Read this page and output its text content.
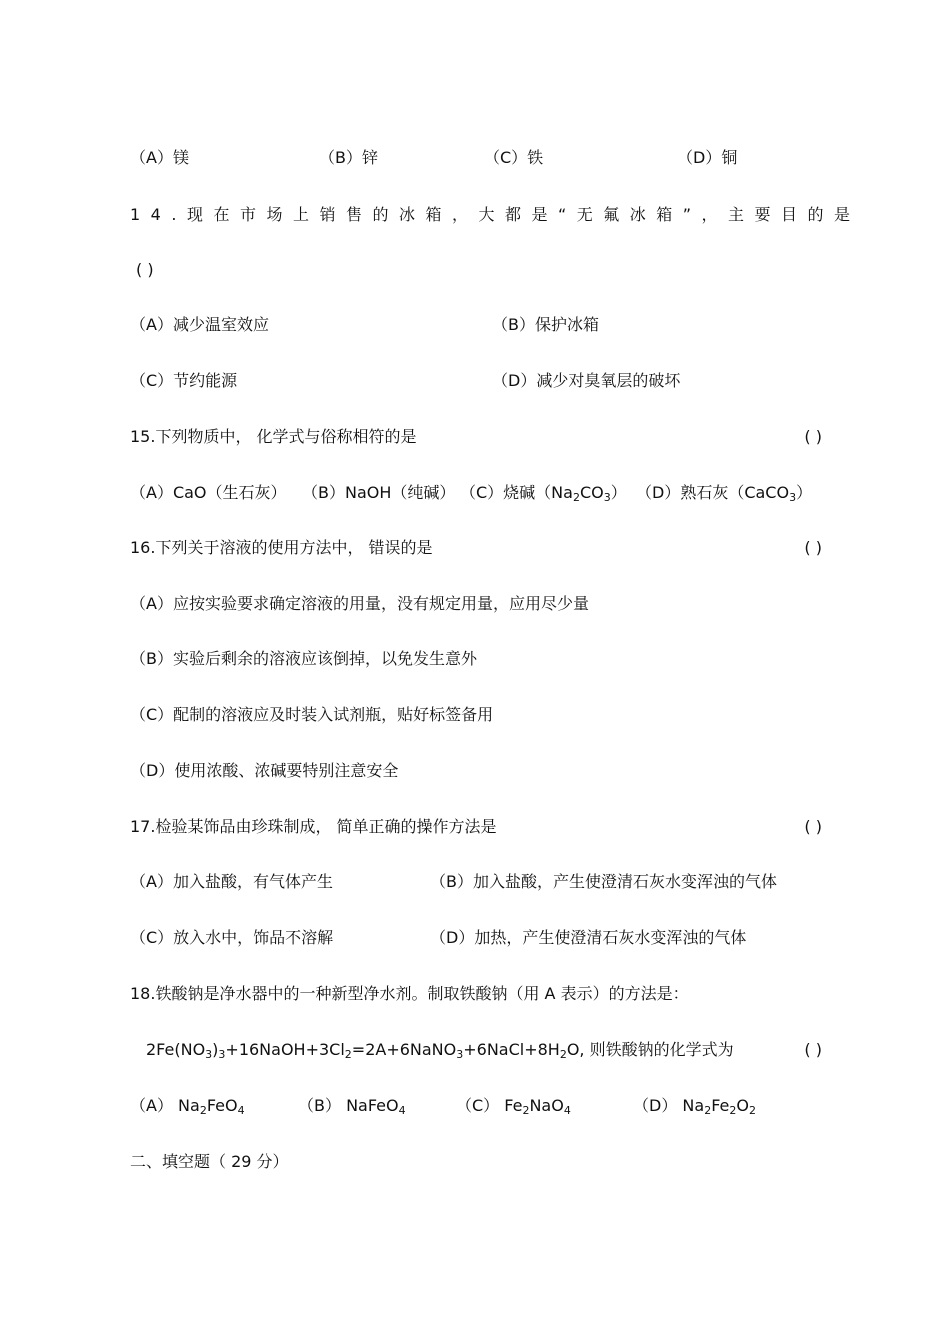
（A）镁	（B）锌	（C）铁	（D）铜
14.现在市场上销售的冰箱，大都是“无氟冰箱”，主要目的是
( )
（A）减少温室效应	（B）保护冰箱
（C）节约能源	（D）减少对臭氧层的破坏
15.下列物质中， 化学式与俗称相符的是	( )
（A）CaO（生石灰） （B）NaOH（纯碱） （C）烧碱$(Na_2CO_3)$ （D）熟石灰（CaCO$_3$）
16.下列关于溶液的使用方法中， 错误的是	( )
（A）应按实验要求确定溶液的用量，没有规定用量，应用尽少量
（B）实验后剩余的溶液应该倒掉，以免发生意外
（C）配制的溶液应及时装入试剂瓶，贴好标签备用
（D）使用浓酸、浓碱要特别注意安全
17.检验某饰品由珍珠制成， 简单正确的操作方法是	( )
（A）加入盐酸，有气体产生	（B）加入盐酸，产生使澄清石灰水变浑浊的气体
（C）放入水中，饰品不溶解	（D）加热，产生使澄清石灰水变浑浊的气体
18.铁酸钠是净水器中的一种新型净水剂。制取铁酸钠（用 A 表示）的方法是：
$2Fe(NO_3)_3+16NaOH+3Cl_2=2A+6NaNO_3+6NaCl+8H_2O$, 则铁酸钠的化学式为	( )
（A） $Na_2FeO_4$	（B） NaFeO$_4$	（C） $Fe_2NaO_4$	（D） $Na_2Fe_2O_2$
二、填空题（ 29 分）
